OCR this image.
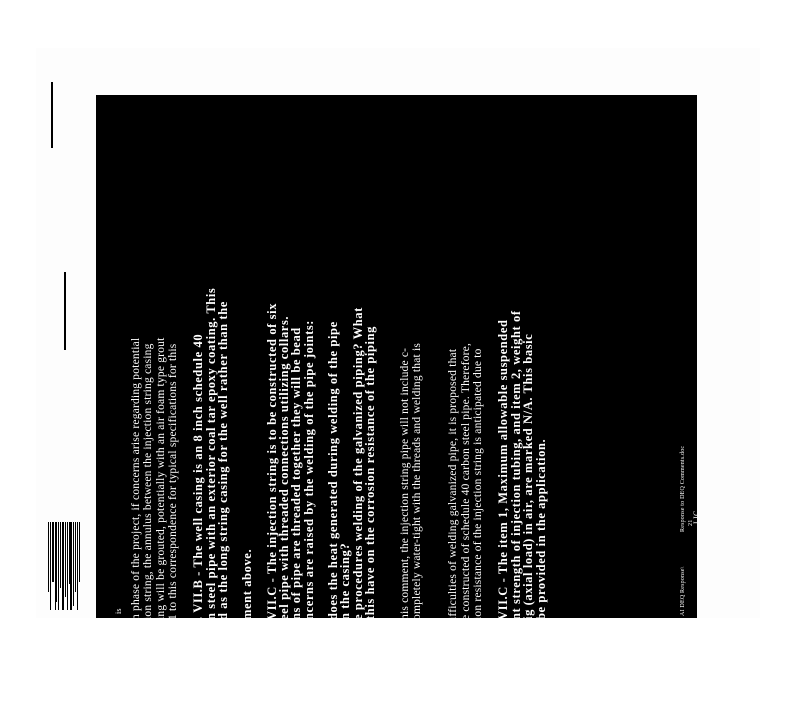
n phase of the project, if concerns arise regarding potential ion string, the annulus between the injection string casing ing will be grouted, potentially with an air foam type grout 1 to this correspondence for typical specifications for this . VII.B - The well casing is an 8 inch schedule 40
n steel pipe with an exterior coal tar epoxy coating. This
d as the long string casing for the well rather than the ment above. VII.C - The injection string is to be constructed of six
eel pipe with threaded connections utilizing collars.
ns of pipe are threaded together they will be bead
ncerns are raised by the welding of the pipe joints: does the heat generated during welding of the pipe
n the casing?
e procedures welding of the galvanized piping? What
this have on the corrosion resistance of the piping his comment, the injection string pipe will not include c- ompletely water-tight with the threads and welding that is ifficulties of welding galvanized pipe, it is proposed that e constructed of schedule 40 carbon steel pipe. Therefore, ion resistance of the injection string is anticipated due to VII.C - The item 1, Maximum allowable suspended
nt strength of injection tubing, and item 2, weight of
ig (axial load) in air, are marked N/A. This basic
be provided in the application.
is	AI DEQ Response\
Response to DEQ Comments.doc 21
LIC
